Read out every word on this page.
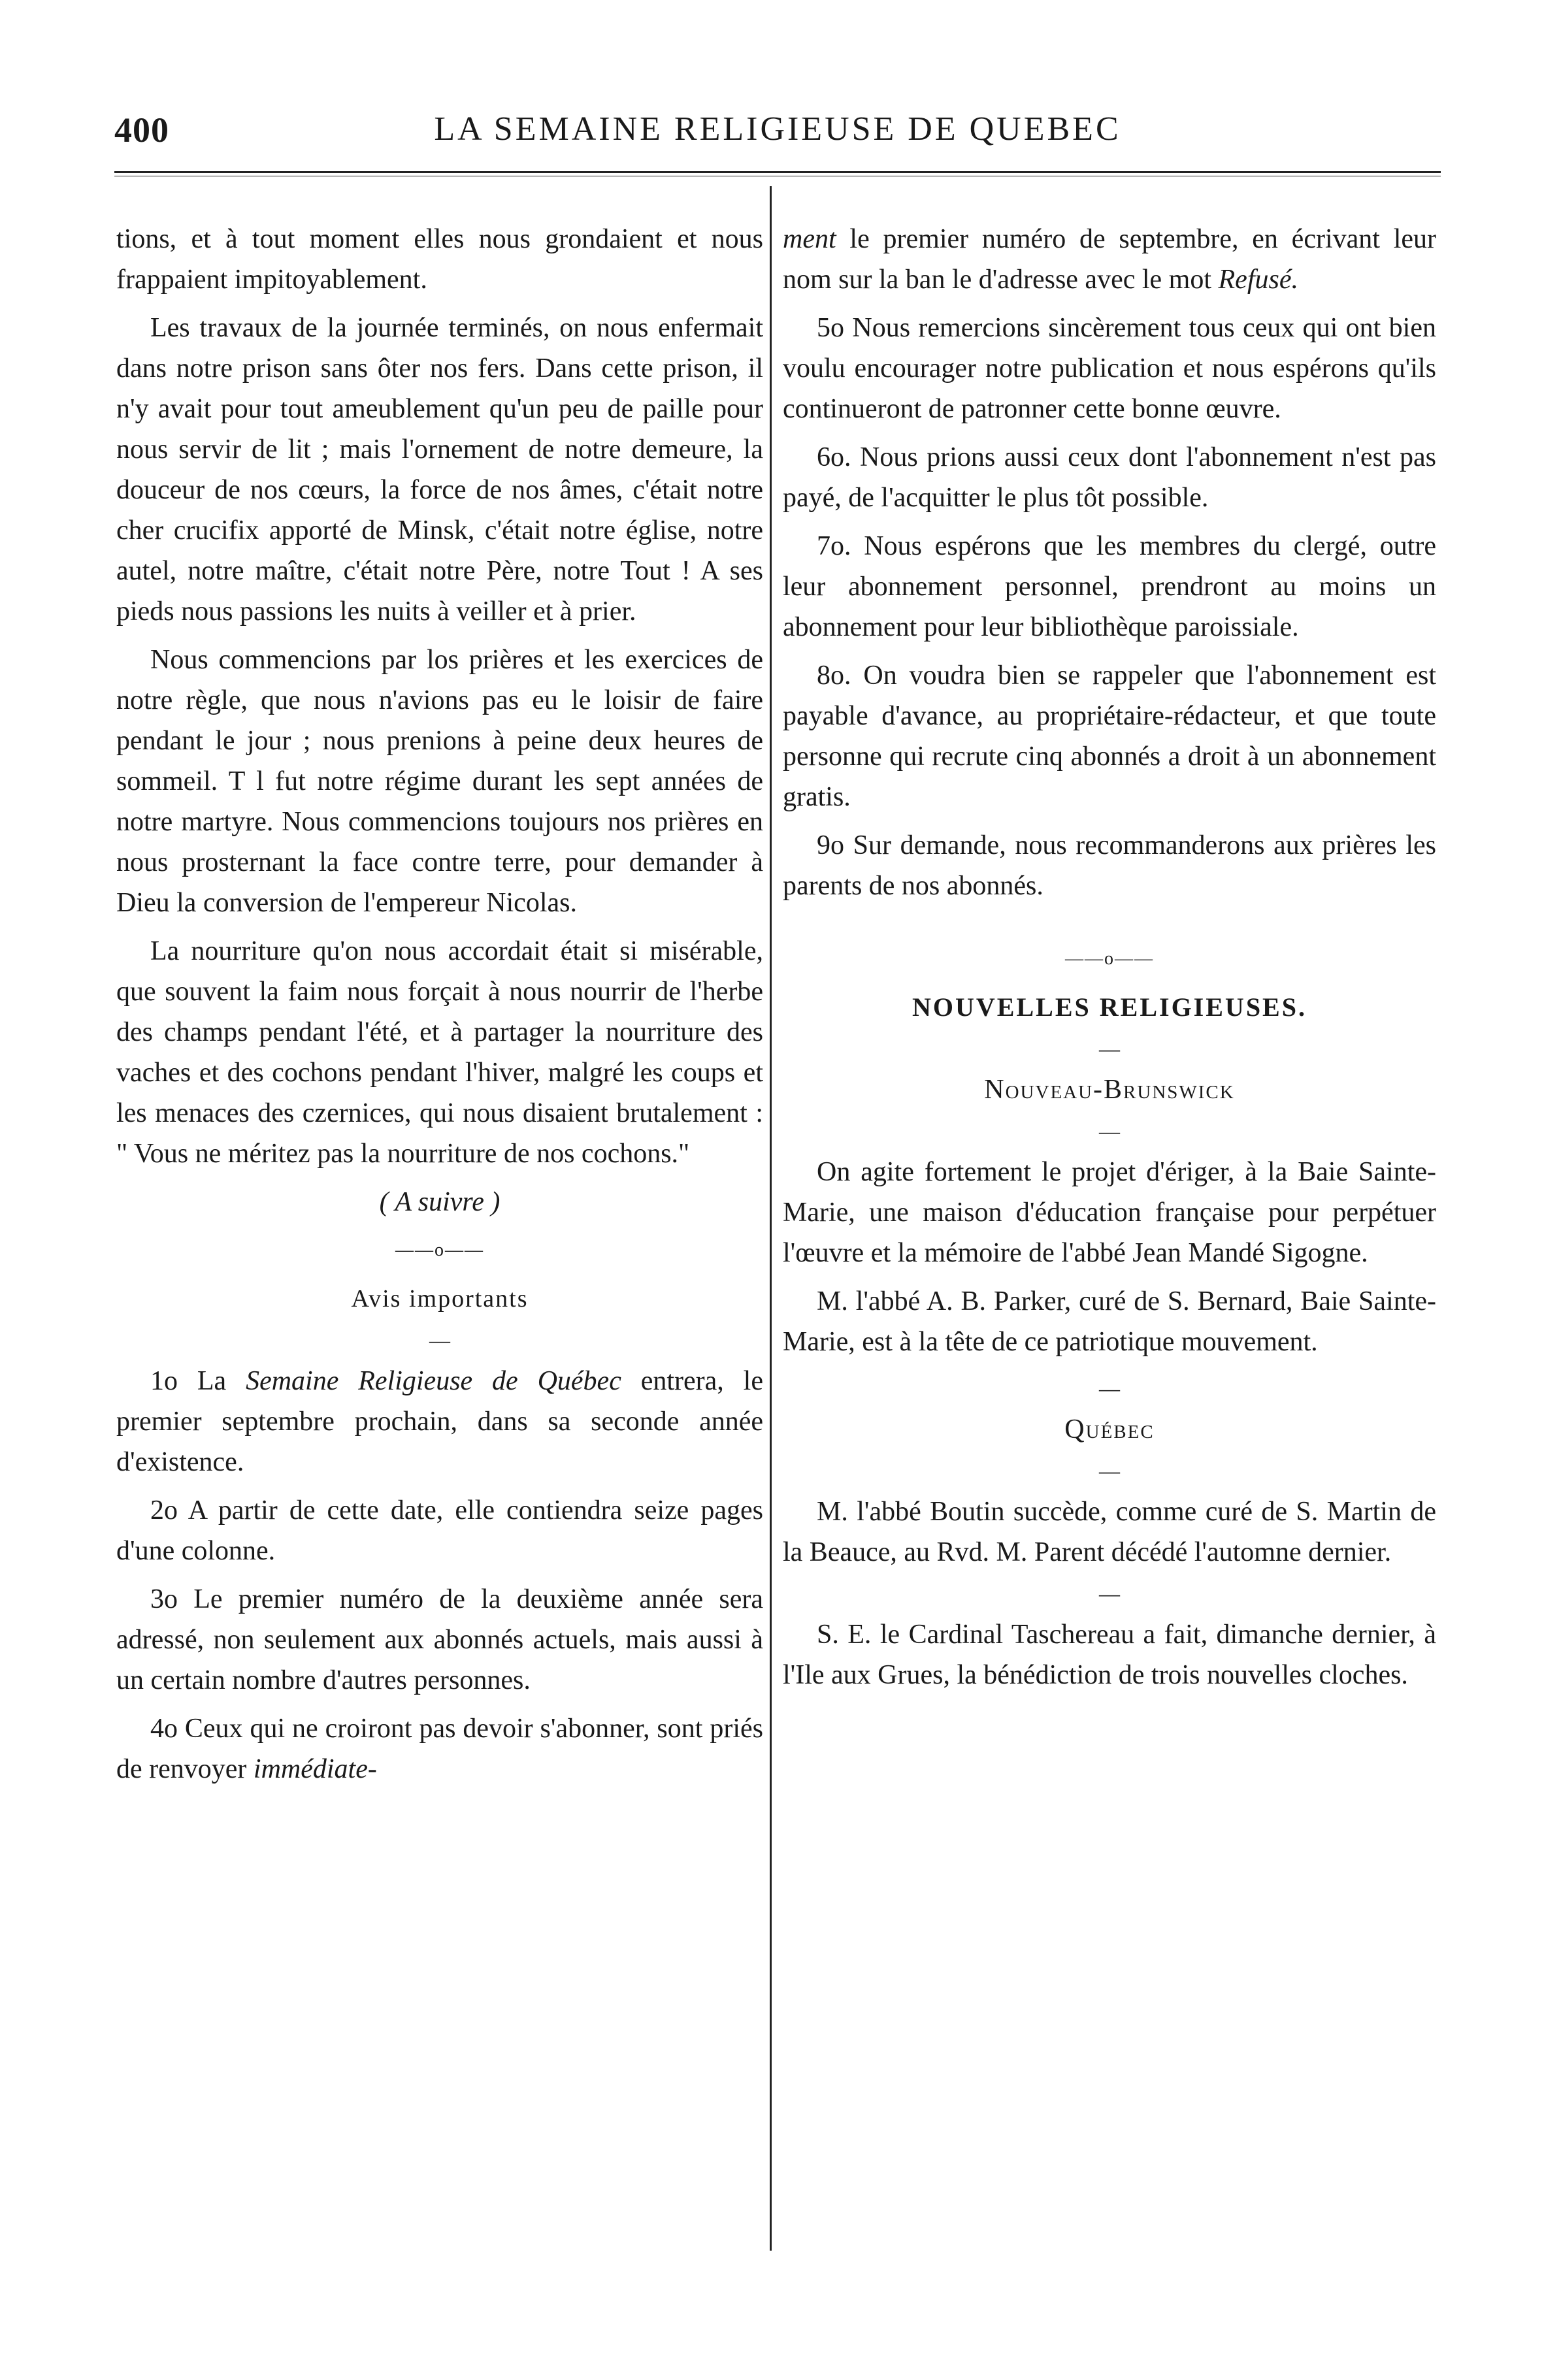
400	LA SEMAINE RELIGIEUSE DE QUEBEC

tions, et à tout moment elles nous grondaient et nous frappaient impitoyablement.

Les travaux de la journée terminés, on nous enfermait dans notre prison sans ôter nos fers. Dans cette prison, il n'y avait pour tout ameublement qu'un peu de paille pour nous servir de lit ; mais l'ornement de notre demeure, la douceur de nos cœurs, la force de nos âmes, c'était notre cher crucifix apporté de Minsk, c'était notre église, notre autel, notre maître, c'était notre Père, notre Tout ! A ses pieds nous passions les nuits à veiller et à prier.

Nous commencions par los prières et les exercices de notre règle, que nous n'avions pas eu le loisir de faire pendant le jour ; nous prenions à peine deux heures de sommeil. T l fut notre régime durant les sept années de notre martyre. Nous commencions toujours nos prières en nous prosternant la face contre terre, pour demander à Dieu la conversion de l'empereur Nicolas.

La nourriture qu'on nous accordait était si misérable, que souvent la faim nous forçait à nous nourrir de l'herbe des champs pendant l'été, et à partager la nourriture des vaches et des cochons pendant l'hiver, malgré les coups et les menaces des czernices, qui nous disaient brutalement : " Vous ne méritez pas la nourriture de nos cochons."

( A suivre )

——o——

Avis importants

—

1o La Semaine Religieuse de Québec entrera, le premier septembre prochain, dans sa seconde année d'existence.

2o A partir de cette date, elle contiendra seize pages d'une colonne.

3o Le premier numéro de la deuxième année sera adressé, non seulement aux abonnés actuels, mais aussi à un certain nombre d'autres personnes.

4o Ceux qui ne croiront pas devoir s'abonner, sont priés de renvoyer immédiate-

ment le premier numéro de septembre, en écrivant leur nom sur la ban le d'adresse avec le mot Refusé.

5o Nous remercions sincèrement tous ceux qui ont bien voulu encourager notre publication et nous espérons qu'ils continueront de patronner cette bonne œuvre.

6o. Nous prions aussi ceux dont l'abonnement n'est pas payé, de l'acquitter le plus tôt possible.

7o. Nous espérons que les membres du clergé, outre leur abonnement personnel, prendront au moins un abonnement pour leur bibliothèque paroissiale.

8o. On voudra bien se rappeler que l'abonnement est payable d'avance, au propriétaire-rédacteur, et que toute personne qui recrute cinq abonnés a droit à un abonnement gratis.

9o Sur demande, nous recommanderons aux prières les parents de nos abonnés.

——o——

NOUVELLES RELIGIEUSES.

—

Nouveau-Brunswick

—

On agite fortement le projet d'ériger, à la Baie Sainte-Marie, une maison d'éducation française pour perpétuer l'œuvre et la mémoire de l'abbé Jean Mandé Sigogne.

M. l'abbé A. B. Parker, curé de S. Bernard, Baie Sainte-Marie, est à la tête de ce patriotique mouvement.

—

Québec

—

M. l'abbé Boutin succède, comme curé de S. Martin de la Beauce, au Rvd. M. Parent décédé l'automne dernier.

—

S. E. le Cardinal Taschereau a fait, dimanche dernier, à l'Ile aux Grues, la bénédiction de trois nouvelles cloches.
